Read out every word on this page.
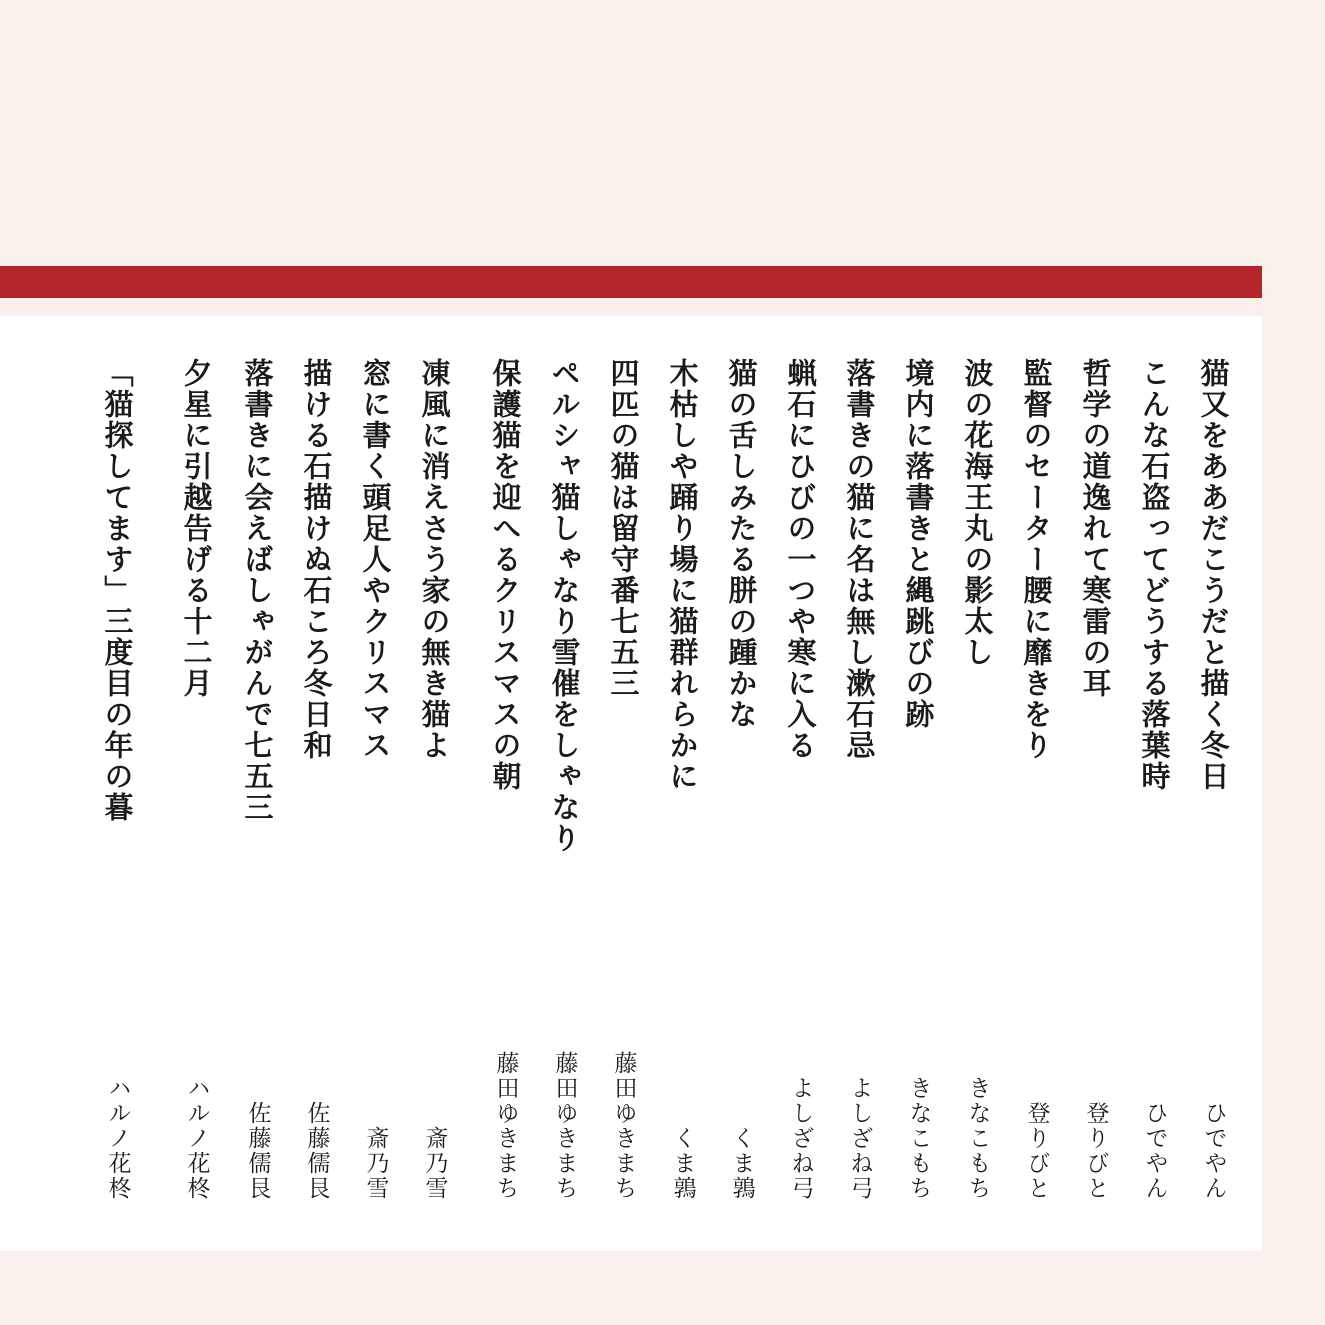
猫又をああだこうだと描く冬日
ひでやん
こんな石盗ってどうする落葉時
ひでやん
哲学の道逸れて寒雷の耳
登りびと
監督のセーター腰に靡きをり
登りびと
波の花海王丸の影太し
きなこもち
境内に落書きと縄跳びの跡
きなこもち
落書きの猫に名は無し漱石忌
よしざね弓
蝋石にひびの一つや寒に入る
よしざね弓
猫の舌しみたる胼の踵かな
くま鶉
木枯しや踊り場に猫群れらかに
くま鶉
四匹の猫は留守番七五三
藤田ゆきまち
ペルシャ猫しゃなり雪催をしゃなり
藤田ゆきまち
保護猫を迎へるクリスマスの朝
藤田ゆきまち
凍風に消えさう家の無き猫よ
斎乃雪
窓に書く頭足人やクリスマス
斎乃雪
描ける石描けぬ石ころ冬日和
佐藤儒艮
落書きに会えばしゃがんで七五三
佐藤儒艮
夕星に引越告げる十二月
ハルノ花柊
「猫探してます」三度目の年の暮
ハルノ花柊
